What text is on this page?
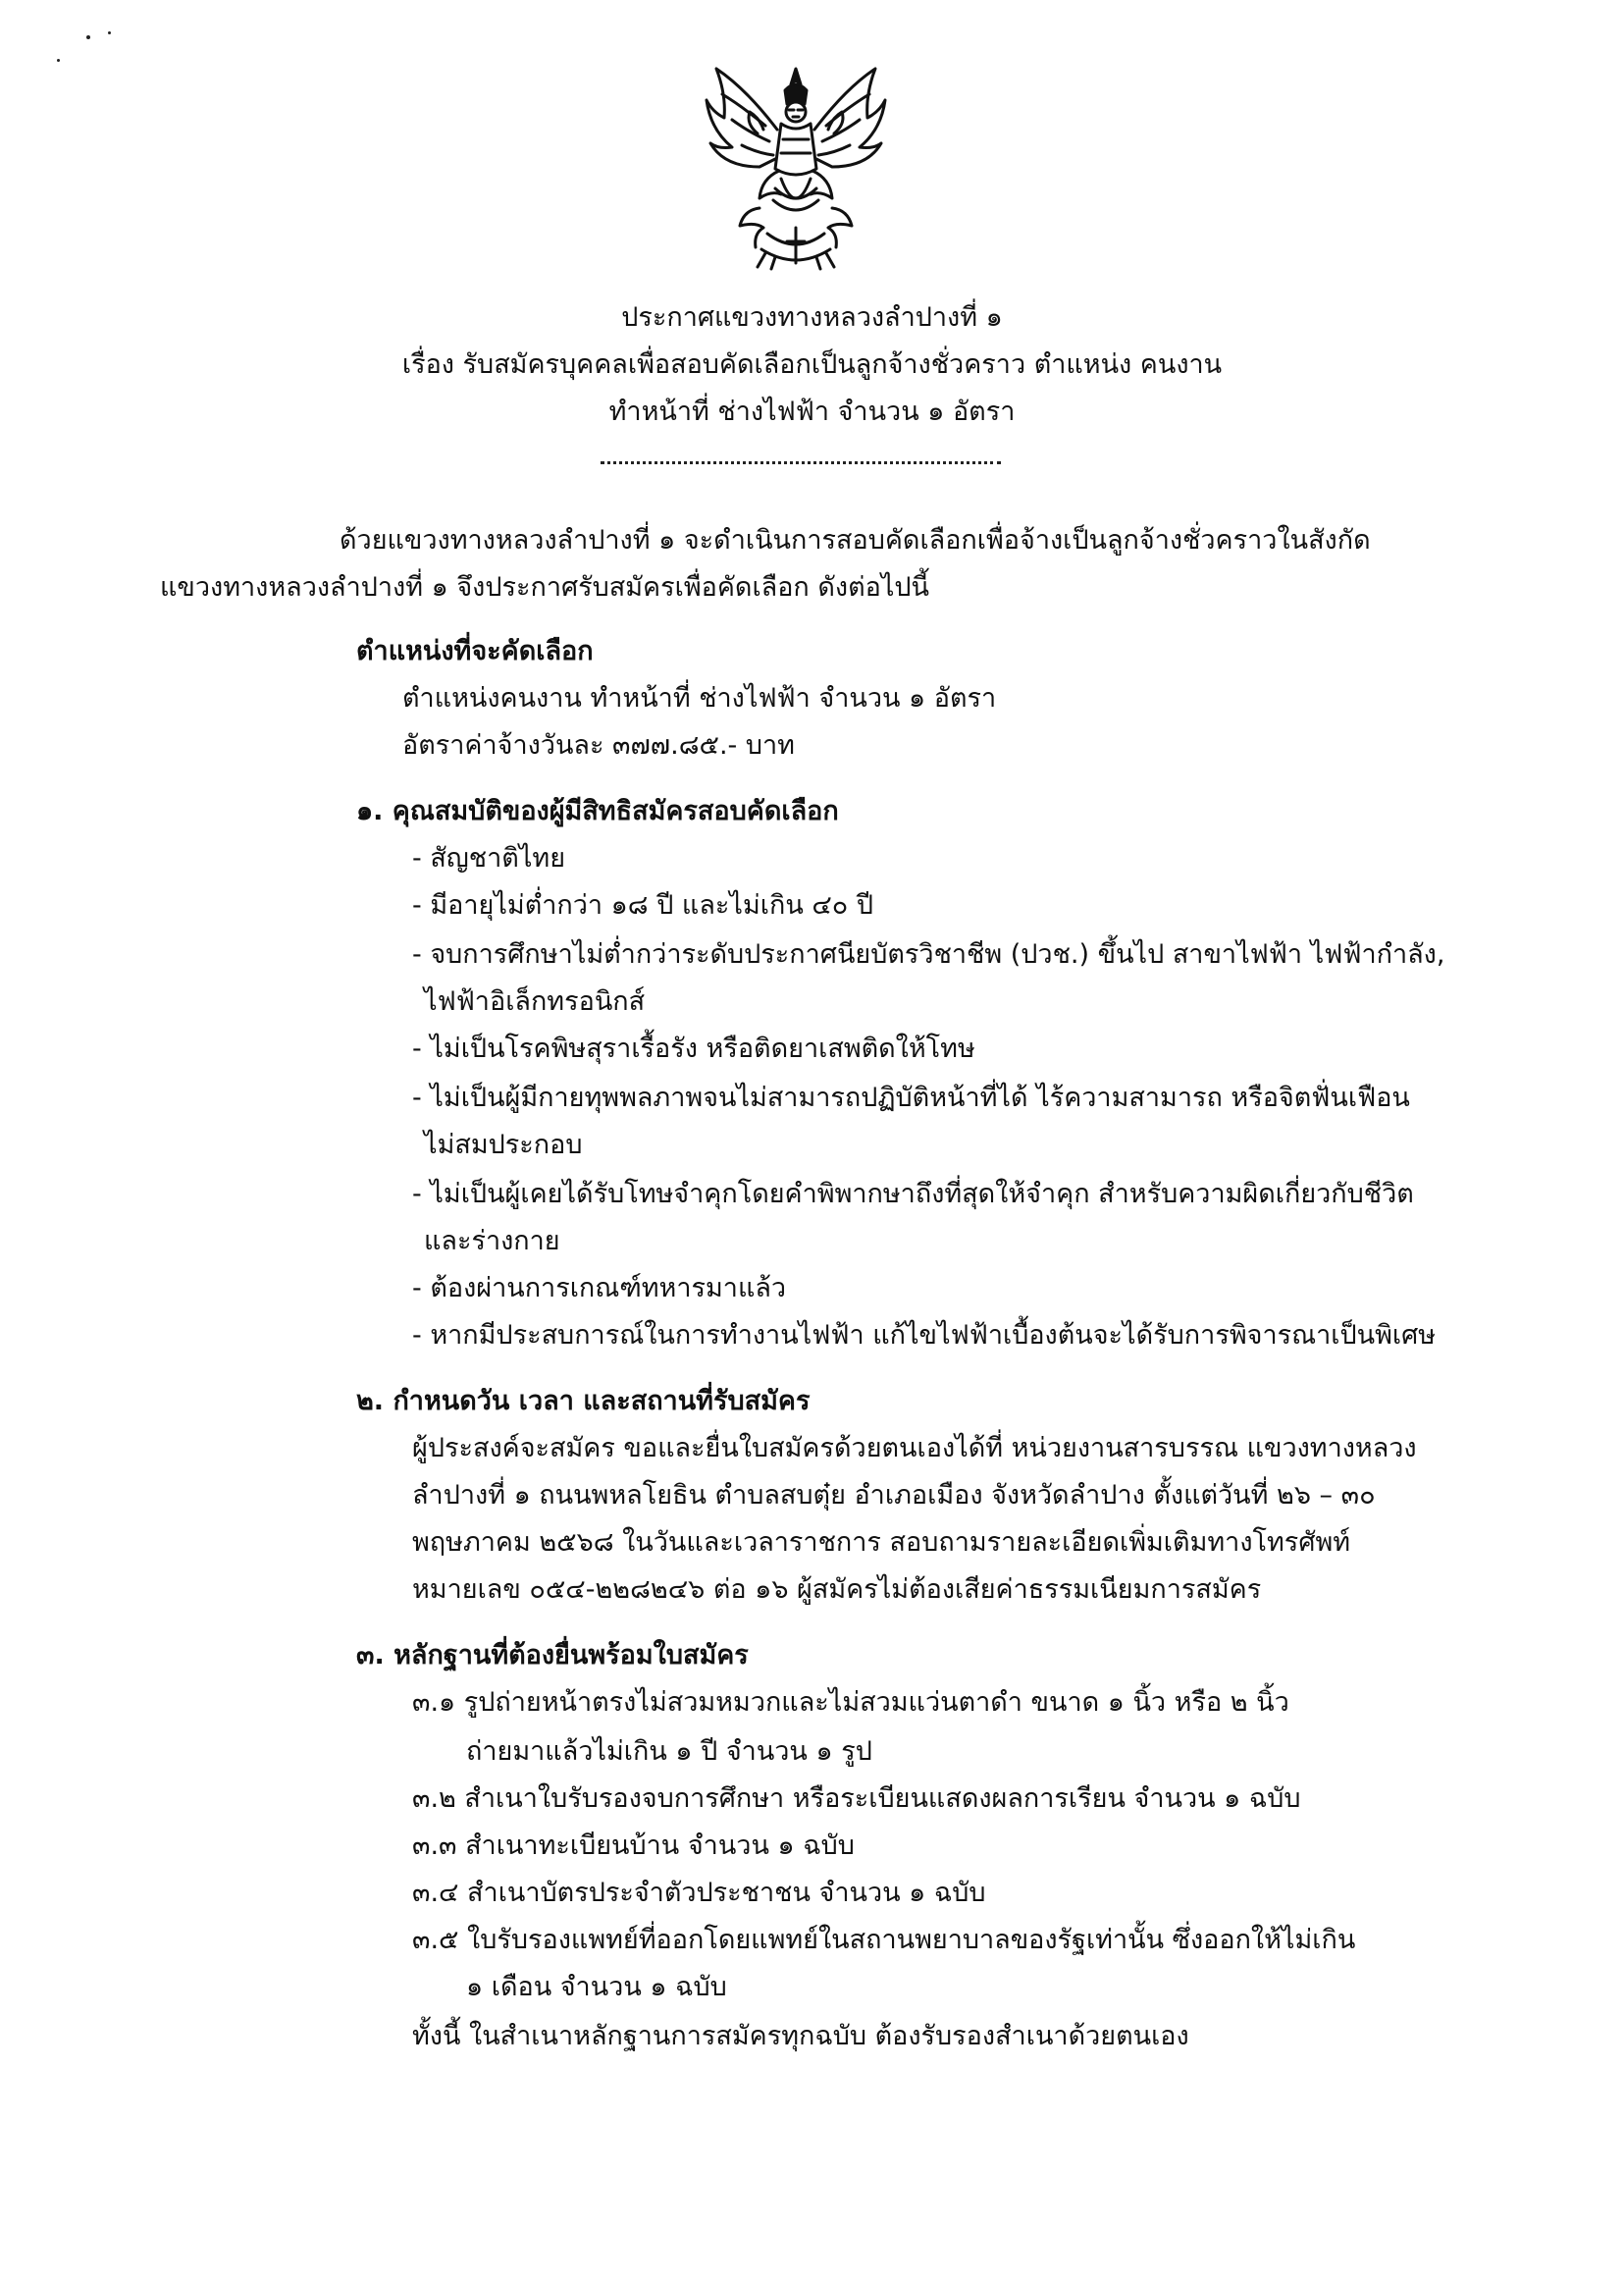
ประกาศแขวงทางหลวงลำปางที่ ๑
เรื่อง รับสมัครบุคคลเพื่อสอบคัดเลือกเป็นลูกจ้างชั่วคราว ตำแหน่ง คนงาน
ทำหน้าที่ ช่างไฟฟ้า จำนวน ๑ อัตรา
ด้วยแขวงทางหลวงลำปางที่ ๑ จะดำเนินการสอบคัดเลือกเพื่อจ้างเป็นลูกจ้างชั่วคราวในสังกัด
แขวงทางหลวงลำปางที่ ๑ จึงประกาศรับสมัครเพื่อคัดเลือก ดังต่อไปนี้
ตำแหน่งที่จะคัดเลือก
ตำแหน่งคนงาน ทำหน้าที่ ช่างไฟฟ้า จำนวน ๑ อัตรา
อัตราค่าจ้างวันละ ๓๗๗.๘๕.- บาท
๑. คุณสมบัติของผู้มีสิทธิสมัครสอบคัดเลือก
- สัญชาติไทย
- มีอายุไม่ต่ำกว่า ๑๘ ปี และไม่เกิน ๔๐ ปี
- จบการศึกษาไม่ต่ำกว่าระดับประกาศนียบัตรวิชาชีพ (ปวช.) ขึ้นไป สาขาไฟฟ้า ไฟฟ้ากำลัง,
ไฟฟ้าอิเล็กทรอนิกส์
- ไม่เป็นโรคพิษสุราเรื้อรัง หรือติดยาเสพติดให้โทษ
- ไม่เป็นผู้มีกายทุพพลภาพจนไม่สามารถปฏิบัติหน้าที่ได้ ไร้ความสามารถ หรือจิตฟั่นเฟือน
ไม่สมประกอบ
- ไม่เป็นผู้เคยได้รับโทษจำคุกโดยคำพิพากษาถึงที่สุดให้จำคุก สำหรับความผิดเกี่ยวกับชีวิต
และร่างกาย
- ต้องผ่านการเกณฑ์ทหารมาแล้ว
- หากมีประสบการณ์ในการทำงานไฟฟ้า แก้ไขไฟฟ้าเบื้องต้นจะได้รับการพิจารณาเป็นพิเศษ
๒. กำหนดวัน เวลา และสถานที่รับสมัคร
ผู้ประสงค์จะสมัคร ขอและยื่นใบสมัครด้วยตนเองได้ที่ หน่วยงานสารบรรณ แขวงทางหลวง
ลำปางที่ ๑ ถนนพหลโยธิน ตำบลสบตุ๋ย อำเภอเมือง จังหวัดลำปาง ตั้งแต่วันที่ ๒๖ – ๓๐
พฤษภาคม ๒๕๖๘ ในวันและเวลาราชการ สอบถามรายละเอียดเพิ่มเติมทางโทรศัพท์
หมายเลข ๐๕๔-๒๒๘๒๔๖ ต่อ ๑๖ ผู้สมัครไม่ต้องเสียค่าธรรมเนียมการสมัคร
๓. หลักฐานที่ต้องยื่นพร้อมใบสมัคร
๓.๑ รูปถ่ายหน้าตรงไม่สวมหมวกและไม่สวมแว่นตาดำ ขนาด ๑ นิ้ว หรือ ๒ นิ้ว
ถ่ายมาแล้วไม่เกิน ๑ ปี จำนวน ๑ รูป
๓.๒ สำเนาใบรับรองจบการศึกษา หรือระเบียนแสดงผลการเรียน จำนวน ๑ ฉบับ
๓.๓ สำเนาทะเบียนบ้าน จำนวน ๑ ฉบับ
๓.๔ สำเนาบัตรประจำตัวประชาชน จำนวน ๑ ฉบับ
๓.๕ ใบรับรองแพทย์ที่ออกโดยแพทย์ในสถานพยาบาลของรัฐเท่านั้น ซึ่งออกให้ไม่เกิน
๑ เดือน จำนวน ๑ ฉบับ
ทั้งนี้ ในสำเนาหลักฐานการสมัครทุกฉบับ ต้องรับรองสำเนาด้วยตนเอง
